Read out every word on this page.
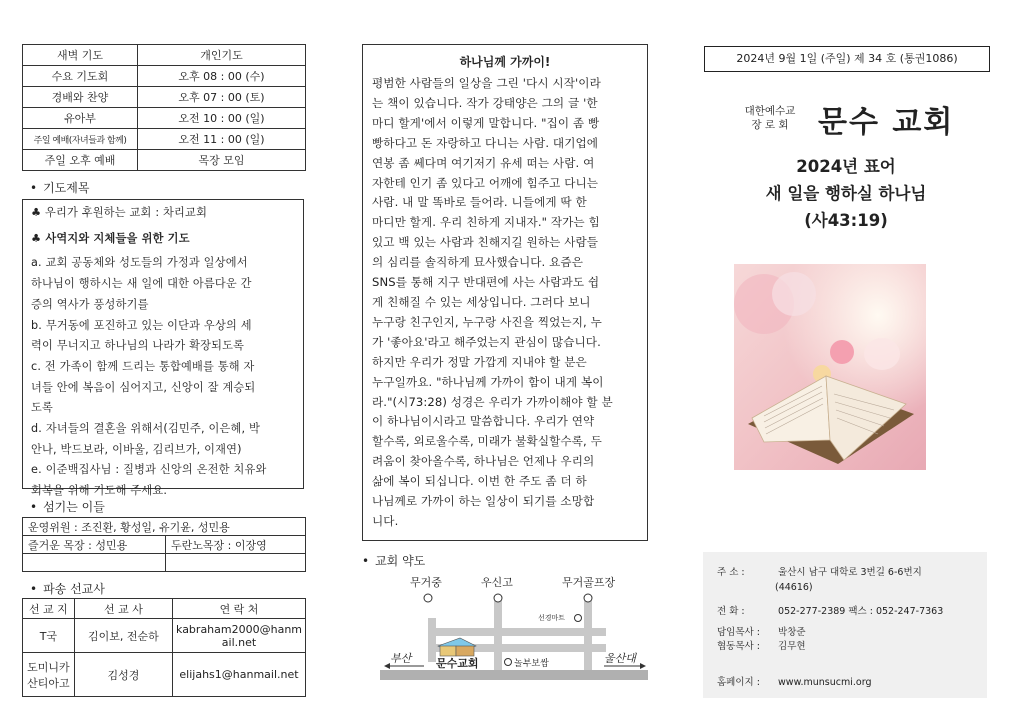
새벽 기도	개인기도
수요 기도회	오후 08 : 00 (수)
경배와 찬양	오후 07 : 00 (토)
유아부	오전 10 : 00 (일)
주일 예배(자녀들과 함께)	오전 11 : 00 (일)
주일 오후 예배	목장 모임
• 기도제목

♣ 우리가 후원하는 교회 : 차리교회

♣ 사역지와 지체들을 위한 기도

a. 교회 공동체와 성도들의 가정과 일상에서

하나님이 행하시는 새 일에 대한 아름다운 간

증의 역사가 풍성하기를

b. 무거동에 포진하고 있는 이단과 우상의 세

력이 무너지고 하나님의 나라가 확장되도록

c. 전 가족이 함께 드리는 통합예배를 통해 자

녀들 안에 복음이 심어지고, 신앙이 잘 계승되

도록

d. 자녀들의 결혼을 위해서(김민주, 이은혜, 박

안나, 박드보라, 이바울, 김리브가, 이재연)

e. 이준백집사님 : 질병과 신앙의 온전한 치유와

회복을 위해 기도해 주세요.

• 섬기는 이들
운영위원 : 조진환, 황성일, 유기윤, 성민용	
즐거운 목장 : 성민용	두란노목장 : 이장영

• 파송 선교사
선 교 지	선 교 사	연 락 처
T국	김이보, 전순하	kabraham2000@hanm
ail.net
도미니카
산티아고	김성경	elijahs1@hanmail.net
하나님께 가까이!

평범한 사람들의 일상을 그린 '다시 시작'이라

는 책이 있습니다. 작가 강태양은 그의 글 '한

마디 할게'에서 이렇게 말합니다. "집이 좀 빵

빵하다고 돈 자랑하고 다니는 사람. 대기업에

연봉 좀 쎄다며 여기저기 유세 떠는 사람. 여

자한테 인기 좀 있다고 어깨에 힘주고 다니는

사람. 내 말 똑바로 들어라. 니들에게 딱 한

마디만 할게. 우리 친하게 지내자." 작가는 힘

있고 백 있는 사람과 친해지길 원하는 사람들

의 심리를 솔직하게 묘사했습니다. 요즘은

SNS를 통해 지구 반대편에 사는 사람과도 쉽

게 친해질 수 있는 세상입니다. 그러다 보니

누구랑 친구인지, 누구랑 사진을 찍었는지, 누

가 '좋아요'라고 해주었는지 관심이 많습니다.

하지만 우리가 정말 가깝게 지내야 할 분은

누구일까요. "하나님께 가까이 함이 내게 복이

라."(시73:28) 성경은 우리가 가까이해야 할 분

이 하나님이시라고 말씀합니다. 우리가 연약

할수록, 외로울수록, 미래가 불확실할수록, 두

려움이 찾아올수록, 하나님은 언제나 우리의

삶에 복이 되십니다. 이번 한 주도 좀 더 하

나님께로 가까이 하는 일상이 되기를 소망합

니다.

• 교회 약도
무거중	우신고	무거골프장
선경마트
부산 문수교회	놀부보쌈	울산대
2024년 9월 1일 (주일) 제 34 호 (통권1086)
대한예수교
장 로 회 문수 교회
2024년 표어
새 일을 행하실 하나님
(사43:19)
주 소 :	울산시 남구 대학로 3번길 6-6번지
(44616)
전 화 :	052-277-2389 팩스 : 052-247-7363
담임목사 : 박창준
협동목사 : 김무현
홈페이지 : www.munsucmi.org
